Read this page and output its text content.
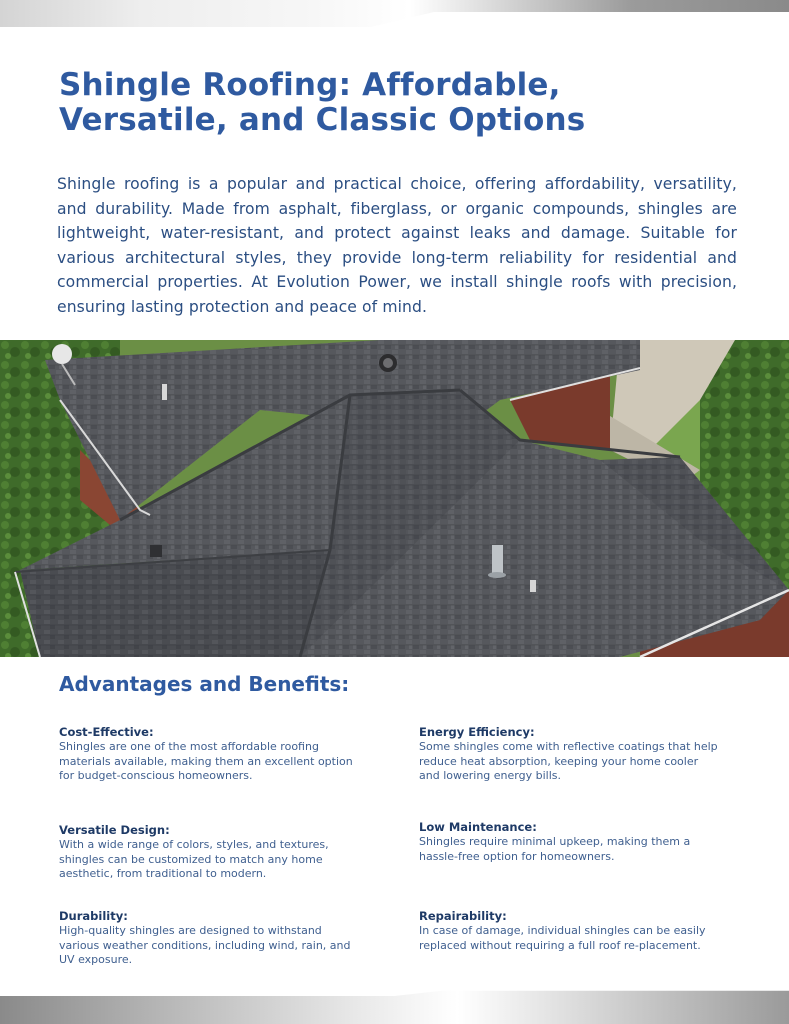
Shingle Roofing: Affordable, Versatile, and Classic Options

Shingle roofing is a popular and practical choice, offering affordability, versatility, and durability. Made from asphalt, fiberglass, or organic compounds, shingles are lightweight, water-resistant, and protect against leaks and damage. Suitable for various architectural styles, they provide long-term reliability for residential and commercial properties. At Evolution Power, we install shingle roofs with precision, ensuring lasting protection and peace of mind.

Advantages and Benefits:
Cost-Effective:
Shingles are one of the most affordable roofing materials available, making them an excellent option for budget-conscious homeowners.
Energy Efficiency:
Some shingles come with reflective coatings that help reduce heat absorption, keeping your home cooler and lowering energy bills.
Versatile Design:
With a wide range of colors, styles, and textures, shingles can be customized to match any home aesthetic, from traditional to modern.
Low Maintenance:
Shingles require minimal upkeep, making them a hassle-free option for homeowners.
Durability:
High-quality shingles are designed to withstand various weather conditions, including wind, rain, and UV exposure.
Repairability:
In case of damage, individual shingles can be easily replaced without requiring a full roof re-placement.
